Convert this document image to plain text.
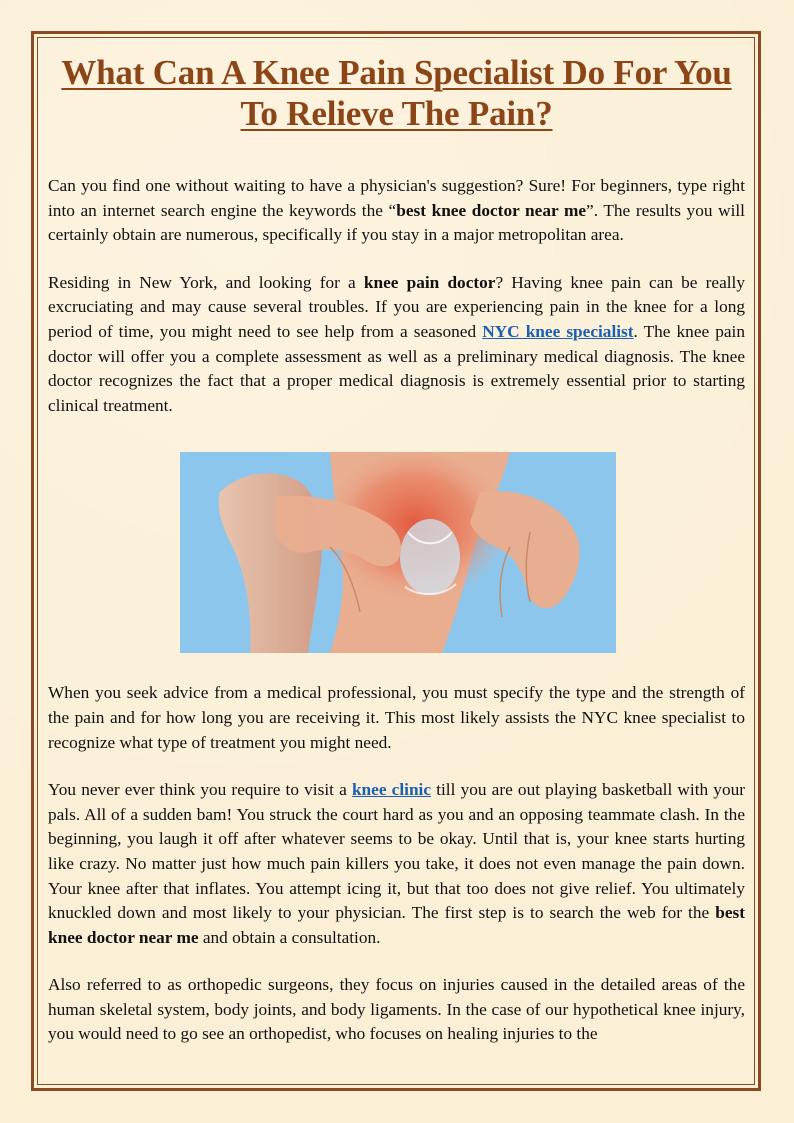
What Can A Knee Pain Specialist Do For You To Relieve The Pain?

Can you find one without waiting to have a physician's suggestion? Sure! For beginners, type right into an internet search engine the keywords the “best knee doctor near me”. The results you will certainly obtain are numerous, specifically if you stay in a major metropolitan area.

Residing in New York, and looking for a knee pain doctor? Having knee pain can be really excruciating and may cause several troubles. If you are experiencing pain in the knee for a long period of time, you might need to see help from a seasoned NYC knee specialist. The knee pain doctor will offer you a complete assessment as well as a preliminary medical diagnosis. The knee doctor recognizes the fact that a proper medical diagnosis is extremely essential prior to starting clinical treatment.

When you seek advice from a medical professional, you must specify the type and the strength of the pain and for how long you are receiving it. This most likely assists the NYC knee specialist to recognize what type of treatment you might need.

You never ever think you require to visit a knee clinic till you are out playing basketball with your pals. All of a sudden bam! You struck the court hard as you and an opposing teammate clash. In the beginning, you laugh it off after whatever seems to be okay. Until that is, your knee starts hurting like crazy. No matter just how much pain killers you take, it does not even manage the pain down. Your knee after that inflates. You attempt icing it, but that too does not give relief. You ultimately knuckled down and most likely to your physician. The first step is to search the web for the best knee doctor near me and obtain a consultation.

Also referred to as orthopedic surgeons, they focus on injuries caused in the detailed areas of the human skeletal system, body joints, and body ligaments. In the case of our hypothetical knee injury, you would need to go see an orthopedist, who focuses on healing injuries to the
